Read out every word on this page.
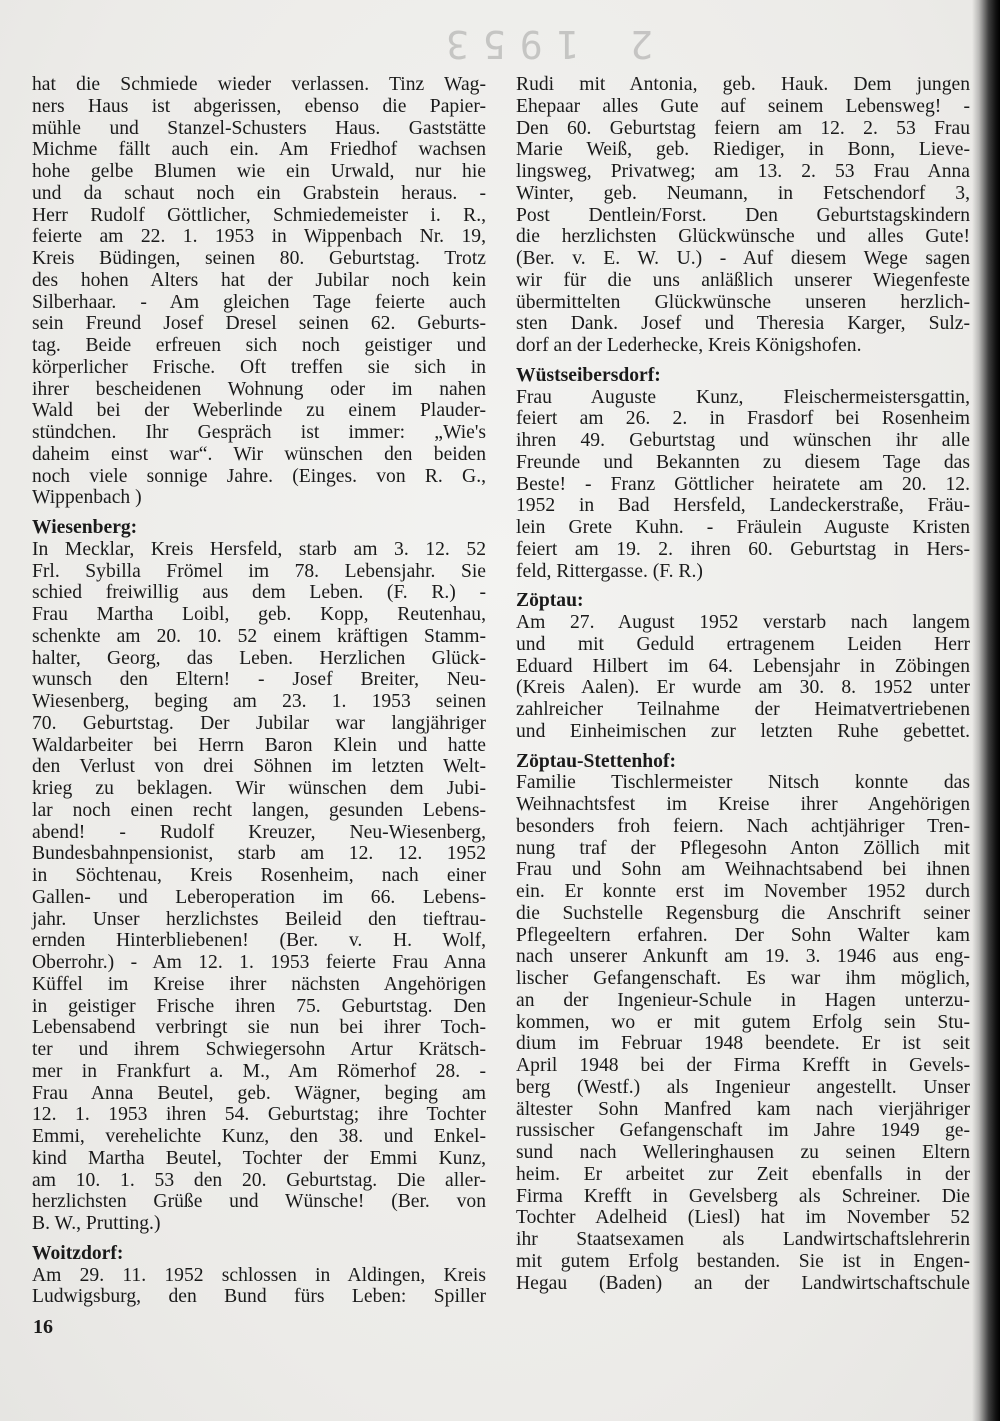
2 1953
hat die Schmiede wieder verlassen. Tinz Wag-
ners Haus ist abgerissen, ebenso die Papier-
mühle und Stanzel-Schusters Haus. Gaststätte
Michme fällt auch ein. Am Friedhof wachsen
hohe gelbe Blumen wie ein Urwald, nur hie
und da schaut noch ein Grabstein heraus. -
Herr Rudolf Göttlicher, Schmiedemeister i. R.,
feierte am 22. 1. 1953 in Wippenbach Nr. 19,
Kreis Büdingen, seinen 80. Geburtstag. Trotz
des hohen Alters hat der Jubilar noch kein
Silberhaar. - Am gleichen Tage feierte auch
sein Freund Josef Dresel seinen 62. Geburts-
tag. Beide erfreuen sich noch geistiger und
körperlicher Frische. Oft treffen sie sich in
ihrer bescheidenen Wohnung oder im nahen
Wald bei der Weberlinde zu einem Plauder-
stündchen. Ihr Gespräch ist immer: „Wie's
daheim einst war“. Wir wünschen den beiden
noch viele sonnige Jahre. (Einges. von R. G.,
Wippenbach )
Wiesenberg:
In Mecklar, Kreis Hersfeld, starb am 3. 12. 52
Frl. Sybilla Frömel im 78. Lebensjahr. Sie
schied freiwillig aus dem Leben. (F. R.) -
Frau Martha Loibl, geb. Kopp, Reutenhau,
schenkte am 20. 10. 52 einem kräftigen Stamm-
halter, Georg, das Leben. Herzlichen Glück-
wunsch den Eltern! - Josef Breiter, Neu-
Wiesenberg, beging am 23. 1. 1953 seinen
70. Geburtstag. Der Jubilar war langjähriger
Waldarbeiter bei Herrn Baron Klein und hatte
den Verlust von drei Söhnen im letzten Welt-
krieg zu beklagen. Wir wünschen dem Jubi-
lar noch einen recht langen, gesunden Lebens-
abend! - Rudolf Kreuzer, Neu-Wiesenberg,
Bundesbahnpensionist, starb am 12. 12. 1952
in Söchtenau, Kreis Rosenheim, nach einer
Gallen- und Leberoperation im 66. Lebens-
jahr. Unser herzlichstes Beileid den tieftrau-
ernden Hinterbliebenen! (Ber. v. H. Wolf,
Oberrohr.) - Am 12. 1. 1953 feierte Frau Anna
Küffel im Kreise ihrer nächsten Angehörigen
in geistiger Frische ihren 75. Geburtstag. Den
Lebensabend verbringt sie nun bei ihrer Toch-
ter und ihrem Schwiegersohn Artur Krätsch-
mer in Frankfurt a. M., Am Römerhof 28. -
Frau Anna Beutel, geb. Wägner, beging am
12. 1. 1953 ihren 54. Geburtstag; ihre Tochter
Emmi, verehelichte Kunz, den 38. und Enkel-
kind Martha Beutel, Tochter der Emmi Kunz,
am 10. 1. 53 den 20. Geburtstag. Die aller-
herzlichsten Grüße und Wünsche! (Ber. von
B. W., Prutting.)
Woitzdorf:
Am 29. 11. 1952 schlossen in Aldingen, Kreis
Ludwigsburg, den Bund fürs Leben: Spiller
Rudi mit Antonia, geb. Hauk. Dem jungen
Ehepaar alles Gute auf seinem Lebensweg! -
Den 60. Geburtstag feiern am 12. 2. 53 Frau
Marie Weiß, geb. Riediger, in Bonn, Lieve-
lingsweg, Privatweg; am 13. 2. 53 Frau Anna
Winter, geb. Neumann, in Fetschendorf 3,
Post Dentlein/Forst. Den Geburtstagskindern
die herzlichsten Glückwünsche und alles Gute!
(Ber. v. E. W. U.) - Auf diesem Wege sagen
wir für die uns anläßlich unserer Wiegenfeste
übermittelten Glückwünsche unseren herzlich-
sten Dank. Josef und Theresia Karger, Sulz-
dorf an der Lederhecke, Kreis Königshofen.
Wüstseibersdorf:
Frau Auguste Kunz, Fleischermeistersgattin,
feiert am 26. 2. in Frasdorf bei Rosenheim
ihren 49. Geburtstag und wünschen ihr alle
Freunde und Bekannten zu diesem Tage das
Beste! - Franz Göttlicher heiratete am 20. 12.
1952 in Bad Hersfeld, Landeckerstraße, Fräu-
lein Grete Kuhn. - Fräulein Auguste Kristen
feiert am 19. 2. ihren 60. Geburtstag in Hers-
feld, Rittergasse. (F. R.)
Zöptau:
Am 27. August 1952 verstarb nach langem
und mit Geduld ertragenem Leiden Herr
Eduard Hilbert im 64. Lebensjahr in Zöbingen
(Kreis Aalen). Er wurde am 30. 8. 1952 unter
zahlreicher Teilnahme der Heimatvertriebenen
und Einheimischen zur letzten Ruhe gebettet.
Zöptau-Stettenhof:
Familie Tischlermeister Nitsch konnte das
Weihnachtsfest im Kreise ihrer Angehörigen
besonders froh feiern. Nach achtjähriger Tren-
nung traf der Pflegesohn Anton Zöllich mit
Frau und Sohn am Weihnachtsabend bei ihnen
ein. Er konnte erst im November 1952 durch
die Suchstelle Regensburg die Anschrift seiner
Pflegeeltern erfahren. Der Sohn Walter kam
nach unserer Ankunft am 19. 3. 1946 aus eng-
lischer Gefangenschaft. Es war ihm möglich,
an der Ingenieur-Schule in Hagen unterzu-
kommen, wo er mit gutem Erfolg sein Stu-
dium im Februar 1948 beendete. Er ist seit
April 1948 bei der Firma Krefft in Gevels-
berg (Westf.) als Ingenieur angestellt. Unser
ältester Sohn Manfred kam nach vierjähriger
russischer Gefangenschaft im Jahre 1949 ge-
sund nach Welleringhausen zu seinen Eltern
heim. Er arbeitet zur Zeit ebenfalls in der
Firma Krefft in Gevelsberg als Schreiner. Die
Tochter Adelheid (Liesl) hat im November 52
ihr Staatsexamen als Landwirtschaftslehrerin
mit gutem Erfolg bestanden. Sie ist in Engen-
Hegau (Baden) an der Landwirtschaftschule
16
